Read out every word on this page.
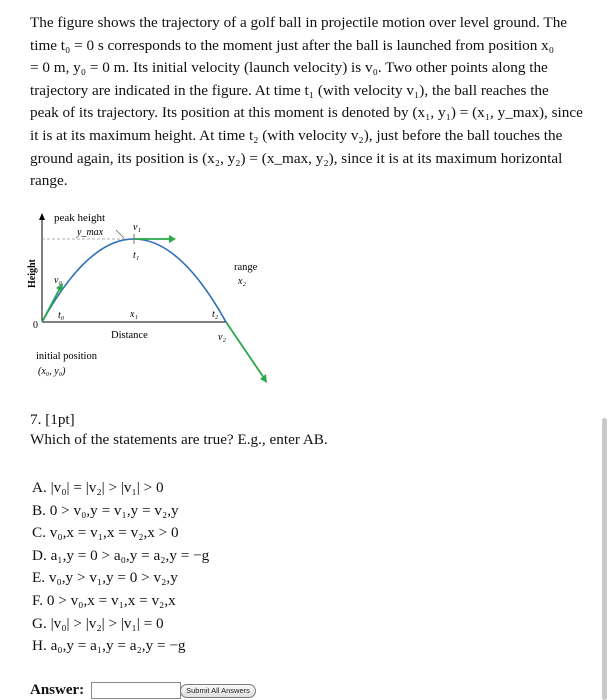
The figure shows the trajectory of a golf ball in projectile motion over level ground. The

time t₀ = 0 s corresponds to the moment just after the ball is launched from position x₀

= 0 m, y₀ = 0 m. Its initial velocity (launch velocity) is v₀. Two other points along the

trajectory are indicated in the figure. At time t₁ (with velocity v₁), the ball reaches the

peak of its trajectory. Its position at this moment is denoted by (x₁, y₁) = (x₁, y_max), since

it is at its maximum height. At time t₂ (with velocity v₂), just before the ball touches the

ground again, its position is (x₂, y₂) = (x_max, y₂), since it is at its maximum horizontal

range.

peak height
y_max	v₁
t₁
range
x₂
Height v₀
t₀	x₁	t₂
0
Distance	v₂
initial position
(x₀, y₀)
7. [1pt]
Which of the statements are true? E.g., enter AB.
A. |v₀| = |v₂| > |v₁| > 0
B. 0 > v₀,y = v₁,y = v₂,y
C. v₀,x = v₁,x = v₂,x > 0
D. a₁,y = 0 > a₀,y = a₂,y = −g
E. v₀,y > v₁,y = 0 > v₂,y
F. 0 > v₀,x = v₁,x = v₂,x
G. |v₀| > |v₂| > |v₁| = 0
H. a₀,y = a₁,y = a₂,y = −g
Answer:	Submit All Answers
